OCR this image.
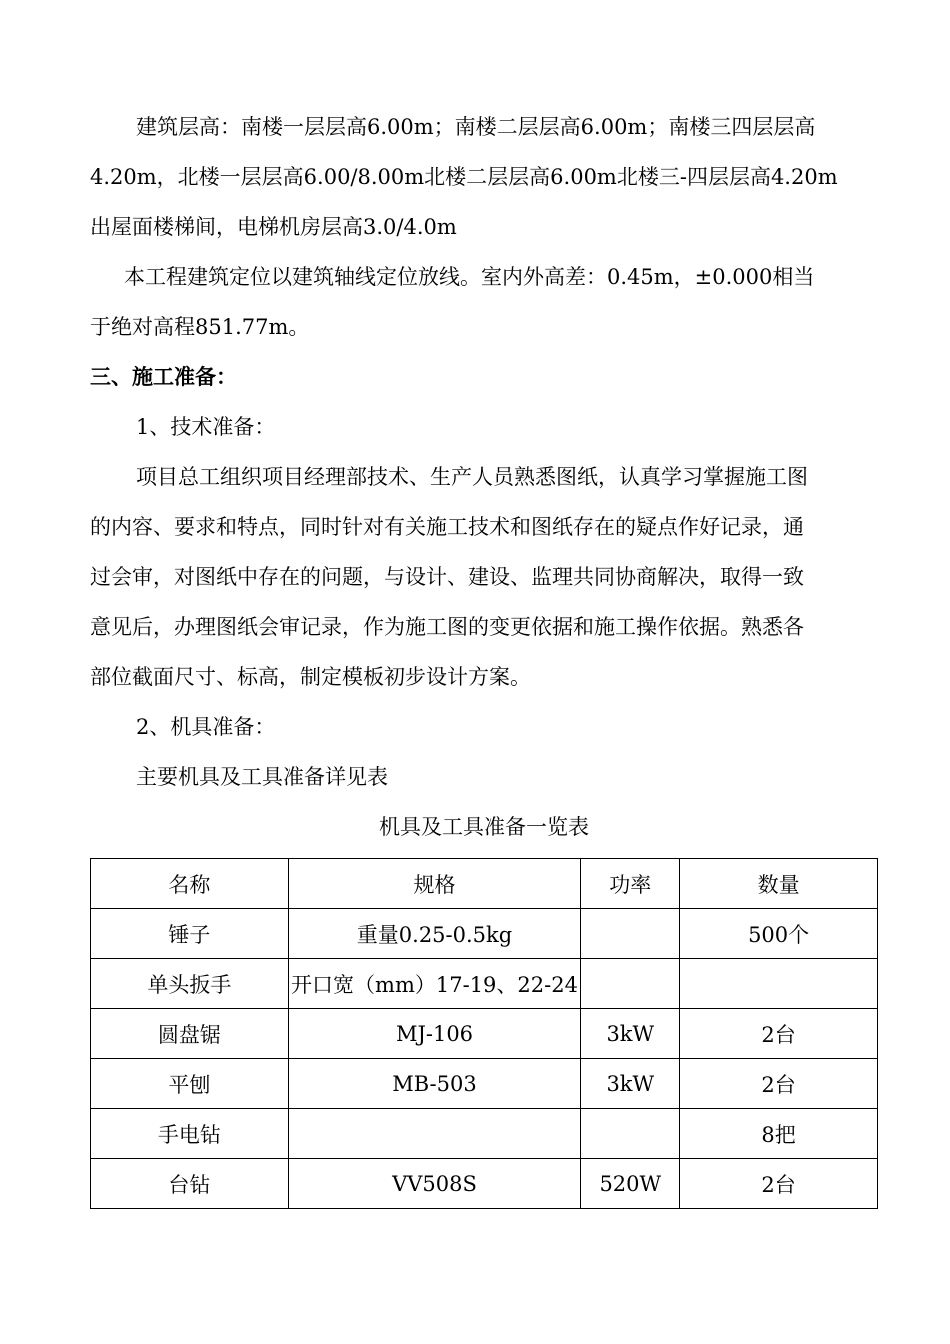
建筑层高：南楼一层层高6.00m；南楼二层层高6.00m；南楼三四层层高
4.20m，北楼一层层高6.00/8.00m北楼二层层高6.00m北楼三-四层层高4.20m
出屋面楼梯间，电梯机房层高3.0/4.0m
本工程建筑定位以建筑轴线定位放线。室内外高差：0.45m，±0.000相当
于绝对高程851.77m。
三、施工准备：
1、技术准备：
项目总工组织项目经理部技术、生产人员熟悉图纸，认真学习掌握施工图
的内容、要求和特点，同时针对有关施工技术和图纸存在的疑点作好记录，通
过会审，对图纸中存在的问题，与设计、建设、监理共同协商解决，取得一致
意见后，办理图纸会审记录，作为施工图的变更依据和施工操作依据。熟悉各
部位截面尺寸、标高，制定模板初步设计方案。
2、机具准备：
主要机具及工具准备详见表
机具及工具准备一览表
名称	规格	功率	数量
锤子	重量0.25-0.5kg		500个
单头扳手	开口宽（mm）17-19、22-24		
圆盘锯	MJ-106	3kW	2台
平刨	MB-503	3kW	2台
手电钻			8把
台钻	VV508S	520W	2台
